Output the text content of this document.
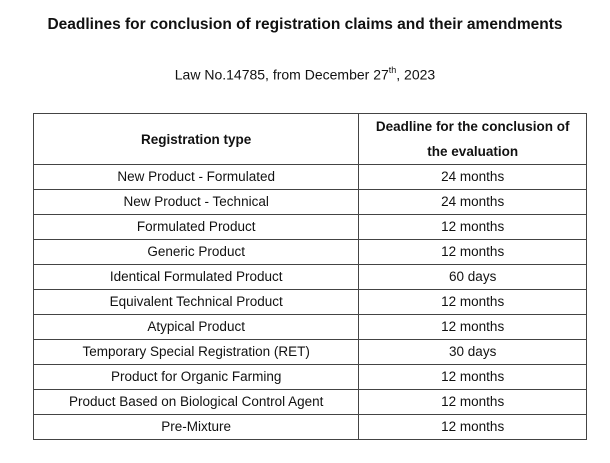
Deadlines for conclusion of registration claims and their amendments
Law No.14785, from December 27th, 2023
Registration type	Deadline for the conclusion of
the evaluation
New Product - Formulated	24 months
New Product - Technical	24 months
Formulated Product	12 months
Generic Product	12 months
Identical Formulated Product	60 days
Equivalent Technical Product	12 months
Atypical Product	12 months
Temporary Special Registration (RET)	30 days
Product for Organic Farming	12 months
Product Based on Biological Control Agent	12 months
Pre-Mixture	12 months
